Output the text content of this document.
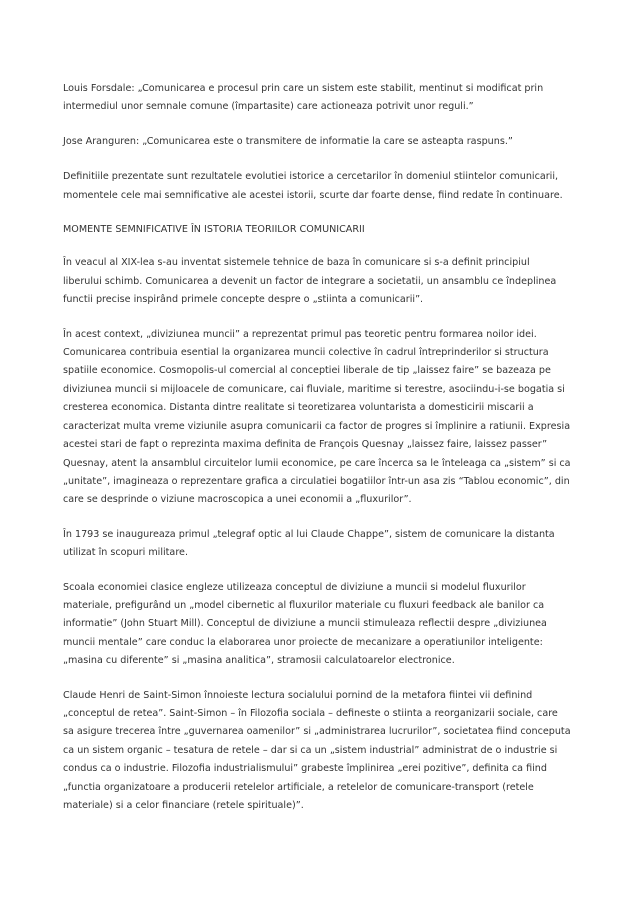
Louis Forsdale: „Comunicarea e procesul prin care un sistem este stabilit, mentinut si modificat prin
intermediul unor semnale comune (împartasite) care actioneaza potrivit unor reguli.”

Jose Aranguren: „Comunicarea este o transmitere de informatie la care se asteapta raspuns.”

Definitiile prezentate sunt rezultatele evolutiei istorice a cercetarilor în domeniul stiintelor comunicarii,
momentele cele mai semnificative ale acestei istorii, scurte dar foarte dense, fiind redate în continuare.

MOMENTE SEMNIFICATIVE ÎN ISTORIA TEORIILOR COMUNICARII

În veacul al XIX-lea s-au inventat sistemele tehnice de baza în comunicare si s-a definit principiul
liberului schimb. Comunicarea a devenit un factor de integrare a societatii, un ansamblu ce îndeplinea
functii precise inspirând primele concepte despre o „stiinta a comunicarii”.

În acest context, „diviziunea muncii” a reprezentat primul pas teoretic pentru formarea noilor idei.
Comunicarea contribuia esential la organizarea muncii colective în cadrul întreprinderilor si structura
spatiile economice. Cosmopolis-ul comercial al conceptiei liberale de tip „laissez faire” se bazeaza pe
diviziunea muncii si mijloacele de comunicare, cai fluviale, maritime si terestre, asociindu-i-se bogatia si
cresterea economica. Distanta dintre realitate si teoretizarea voluntarista a domesticirii miscarii a
caracterizat multa vreme viziunile asupra comunicarii ca factor de progres si împlinire a ratiunii. Expresia
acestei stari de fapt o reprezinta maxima definita de François Quesnay „laissez faire, laissez passer”
Quesnay, atent la ansamblul circuitelor lumii economice, pe care încerca sa le înteleaga ca „sistem” si ca
„unitate”, imagineaza o reprezentare grafica a circulatiei bogatiilor într-un asa zis “Tablou economic”, din
care se desprinde o viziune macroscopica a unei economii a „fluxurilor”.

În 1793 se inaugureaza primul „telegraf optic al lui Claude Chappe”, sistem de comunicare la distanta
utilizat în scopuri militare.

Scoala economiei clasice engleze utilizeaza conceptul de diviziune a muncii si modelul fluxurilor
materiale, prefigurând un „model cibernetic al fluxurilor materiale cu fluxuri feedback ale banilor ca
informatie” (John Stuart Mill). Conceptul de diviziune a muncii stimuleaza reflectii despre „diviziunea
muncii mentale” care conduc la elaborarea unor proiecte de mecanizare a operatiunilor inteligente:
„masina cu diferente” si „masina analitica”, stramosii calculatoarelor electronice.

Claude Henri de Saint-Simon înnoieste lectura socialului pornind de la metafora fiintei vii definind
„conceptul de retea”. Saint-Simon – în Filozofia sociala – defineste o stiinta a reorganizarii sociale, care
sa asigure trecerea între „guvernarea oamenilor” si „administrarea lucrurilor”, societatea fiind conceputa
ca un sistem organic – tesatura de retele – dar si ca un „sistem industrial” administrat de o industrie si
condus ca o industrie. Filozofia industrialismului” grabeste împlinirea „erei pozitive”, definita ca fiind
„functia organizatoare a producerii retelelor artificiale, a retelelor de comunicare-transport (retele
materiale) si a celor financiare (retele spirituale)”.
